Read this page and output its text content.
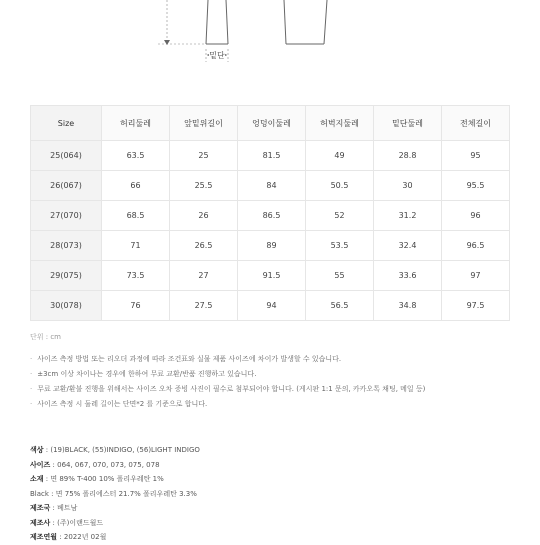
밑단
Size	허리둘레	앞밑위길이	엉덩이둘레	허벅지둘레	밑단둘레	전체길이
25(064)	63.5	25	81.5	49	28.8	95
26(067)	66	25.5	84	50.5	30	95.5
27(070)	68.5	26	86.5	52	31.2	96
28(073)	71	26.5	89	53.5	32.4	96.5
29(075)	73.5	27	91.5	55	33.6	97
30(078)	76	27.5	94	56.5	34.8	97.5
단위 : cm
· 사이즈 측정 방법 또는 리오더 과정에 따라 조건표와 실물 제품 사이즈에 차이가 발생할 수 있습니다.
· ±3cm 이상 차이나는 경우에 한하여 무료 교환/반품 진행하고 있습니다.
· 무료 교환/환불 진행을 위해서는 사이즈 오차 증빙 사진이 필수로 첨부되어야 합니다. (게시판 1:1 문의, 카카오톡 채팅, 메일 등)
· 사이즈 측정 시 둘레 길이는 단면*2 를 기준으로 합니다.
색상 : (19)BLACK, (55)INDIGO, (56)LIGHT INDIGO
사이즈 : 064, 067, 070, 073, 075, 078
소재 : 면 89% T-400 10% 폴리우레탄 1%
Black : 면 75% 폴리에스터 21.7% 폴리우레탄 3.3%
제조국 : 베트남
제조사 : (주)이랜드월드
제조연월 : 2022년 02월
